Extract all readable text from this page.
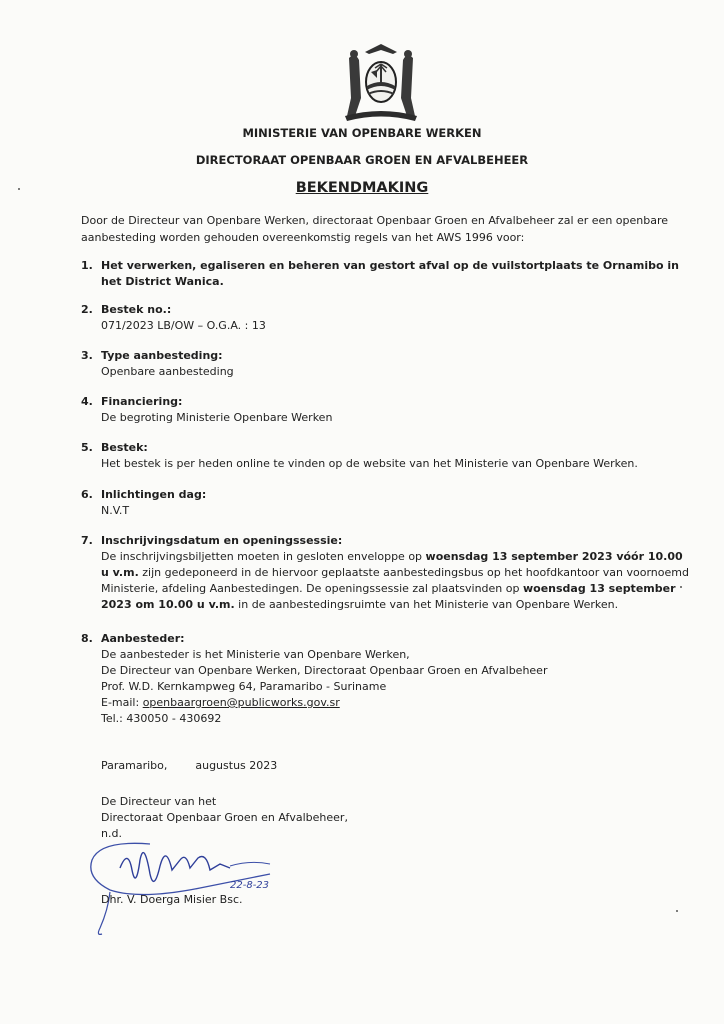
MINISTERIE VAN OPENBARE WERKEN
DIRECTORAAT OPENBAAR GROEN EN AFVALBEHEER
BEKENDMAKING
Door de Directeur van Openbare Werken, directoraat Openbaar Groen en Afvalbeheer zal er een openbare aanbesteding worden gehouden overeenkomstig regels van het AWS 1996 voor:
1. Het verwerken, egaliseren en beheren van gestort afval op de vuilstortplaats te Ornamibo in het District Wanica.
2. Bestek no.:

071/2023 LB/OW – O.G.A. : 13

3. Type aanbesteding:

Openbare aanbesteding

4. Financiering:

De begroting Ministerie Openbare Werken

5. Bestek:

Het bestek is per heden online te vinden op de website van het Ministerie van Openbare Werken.

6. Inlichtingen dag:

N.V.T

7. Inschrijvingsdatum en openingssessie:

De inschrijvingsbiljetten moeten in gesloten enveloppe op woensdag 13 september 2023 vóór 10.00 u v.m. zijn gedeponeerd in de hiervoor geplaatste aanbestedingsbus op het hoofdkantoor van voornoemd Ministerie, afdeling Aanbestedingen. De openingssessie zal plaatsvinden op woensdag 13 september 2023 om 10.00 u v.m. in de aanbestedingsruimte van het Ministerie van Openbare Werken.

8. Aanbesteder:

De aanbesteder is het Ministerie van Openbare Werken,

De Directeur van Openbare Werken, Directoraat Openbaar Groen en Afvalbeheer

Prof. W.D. Kernkampweg 64, Paramaribo - Suriname

E-mail: openbaargroen@publicworks.gov.sr

Tel.: 430050 - 430692

Paramaribo,        augustus 2023
De Directeur van het
Directoraat Openbaar Groen en Afvalbeheer,
n.d.
22-8-23
Dhr. V. Doerga Misier Bsc.
